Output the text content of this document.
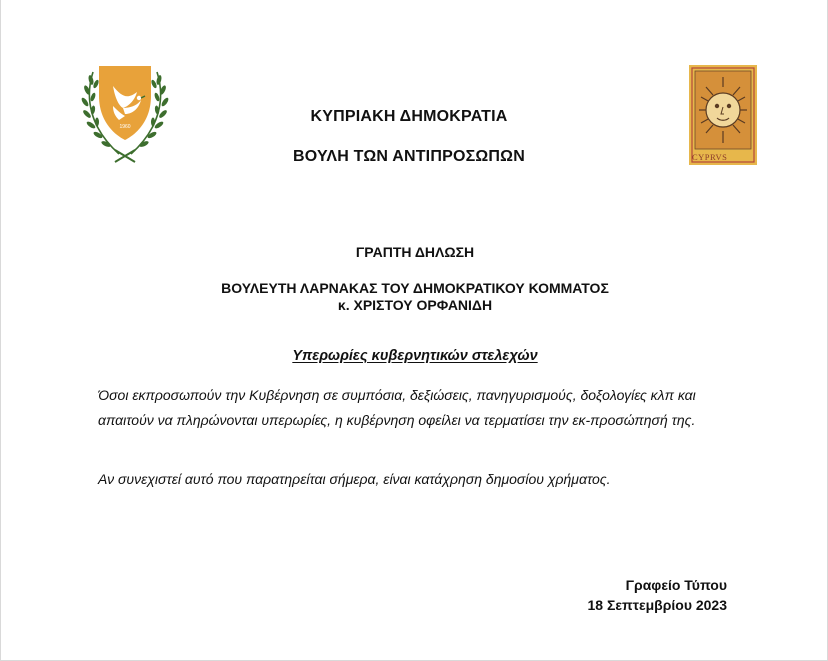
1960
CYPRVS
ΚΥΠΡΙΑΚΗ ΔΗΜΟΚΡΑΤΙΑ
ΒΟΥΛΗ ΤΩΝ ΑΝΤΙΠΡΟΣΩΠΩΝ
ΓΡΑΠΤΗ ΔΗΛΩΣΗ
ΒΟΥΛΕΥΤΗ ΛΑΡΝΑΚΑΣ ΤΟΥ ΔΗΜΟΚΡΑΤΙΚΟΥ ΚΟΜΜΑΤΟΣ
κ. ΧΡΙΣΤΟΥ ΟΡΦΑΝΙΔΗ
Υπερωρίες κυβερνητικών στελεχών
Όσοι εκπροσωπούν την Κυβέρνηση σε συμπόσια, δεξιώσεις, πανηγυρισμούς, δοξολογίες κλπ και απαιτούν να πληρώνονται υπερωρίες, η κυβέρνηση οφείλει να τερματίσει την εκ-προσώπησή της.
Αν συνεχιστεί αυτό που παρατηρείται σήμερα, είναι κατάχρηση δημοσίου χρήματος.
Γραφείο Τύπου
18 Σεπτεμβρίου 2023
